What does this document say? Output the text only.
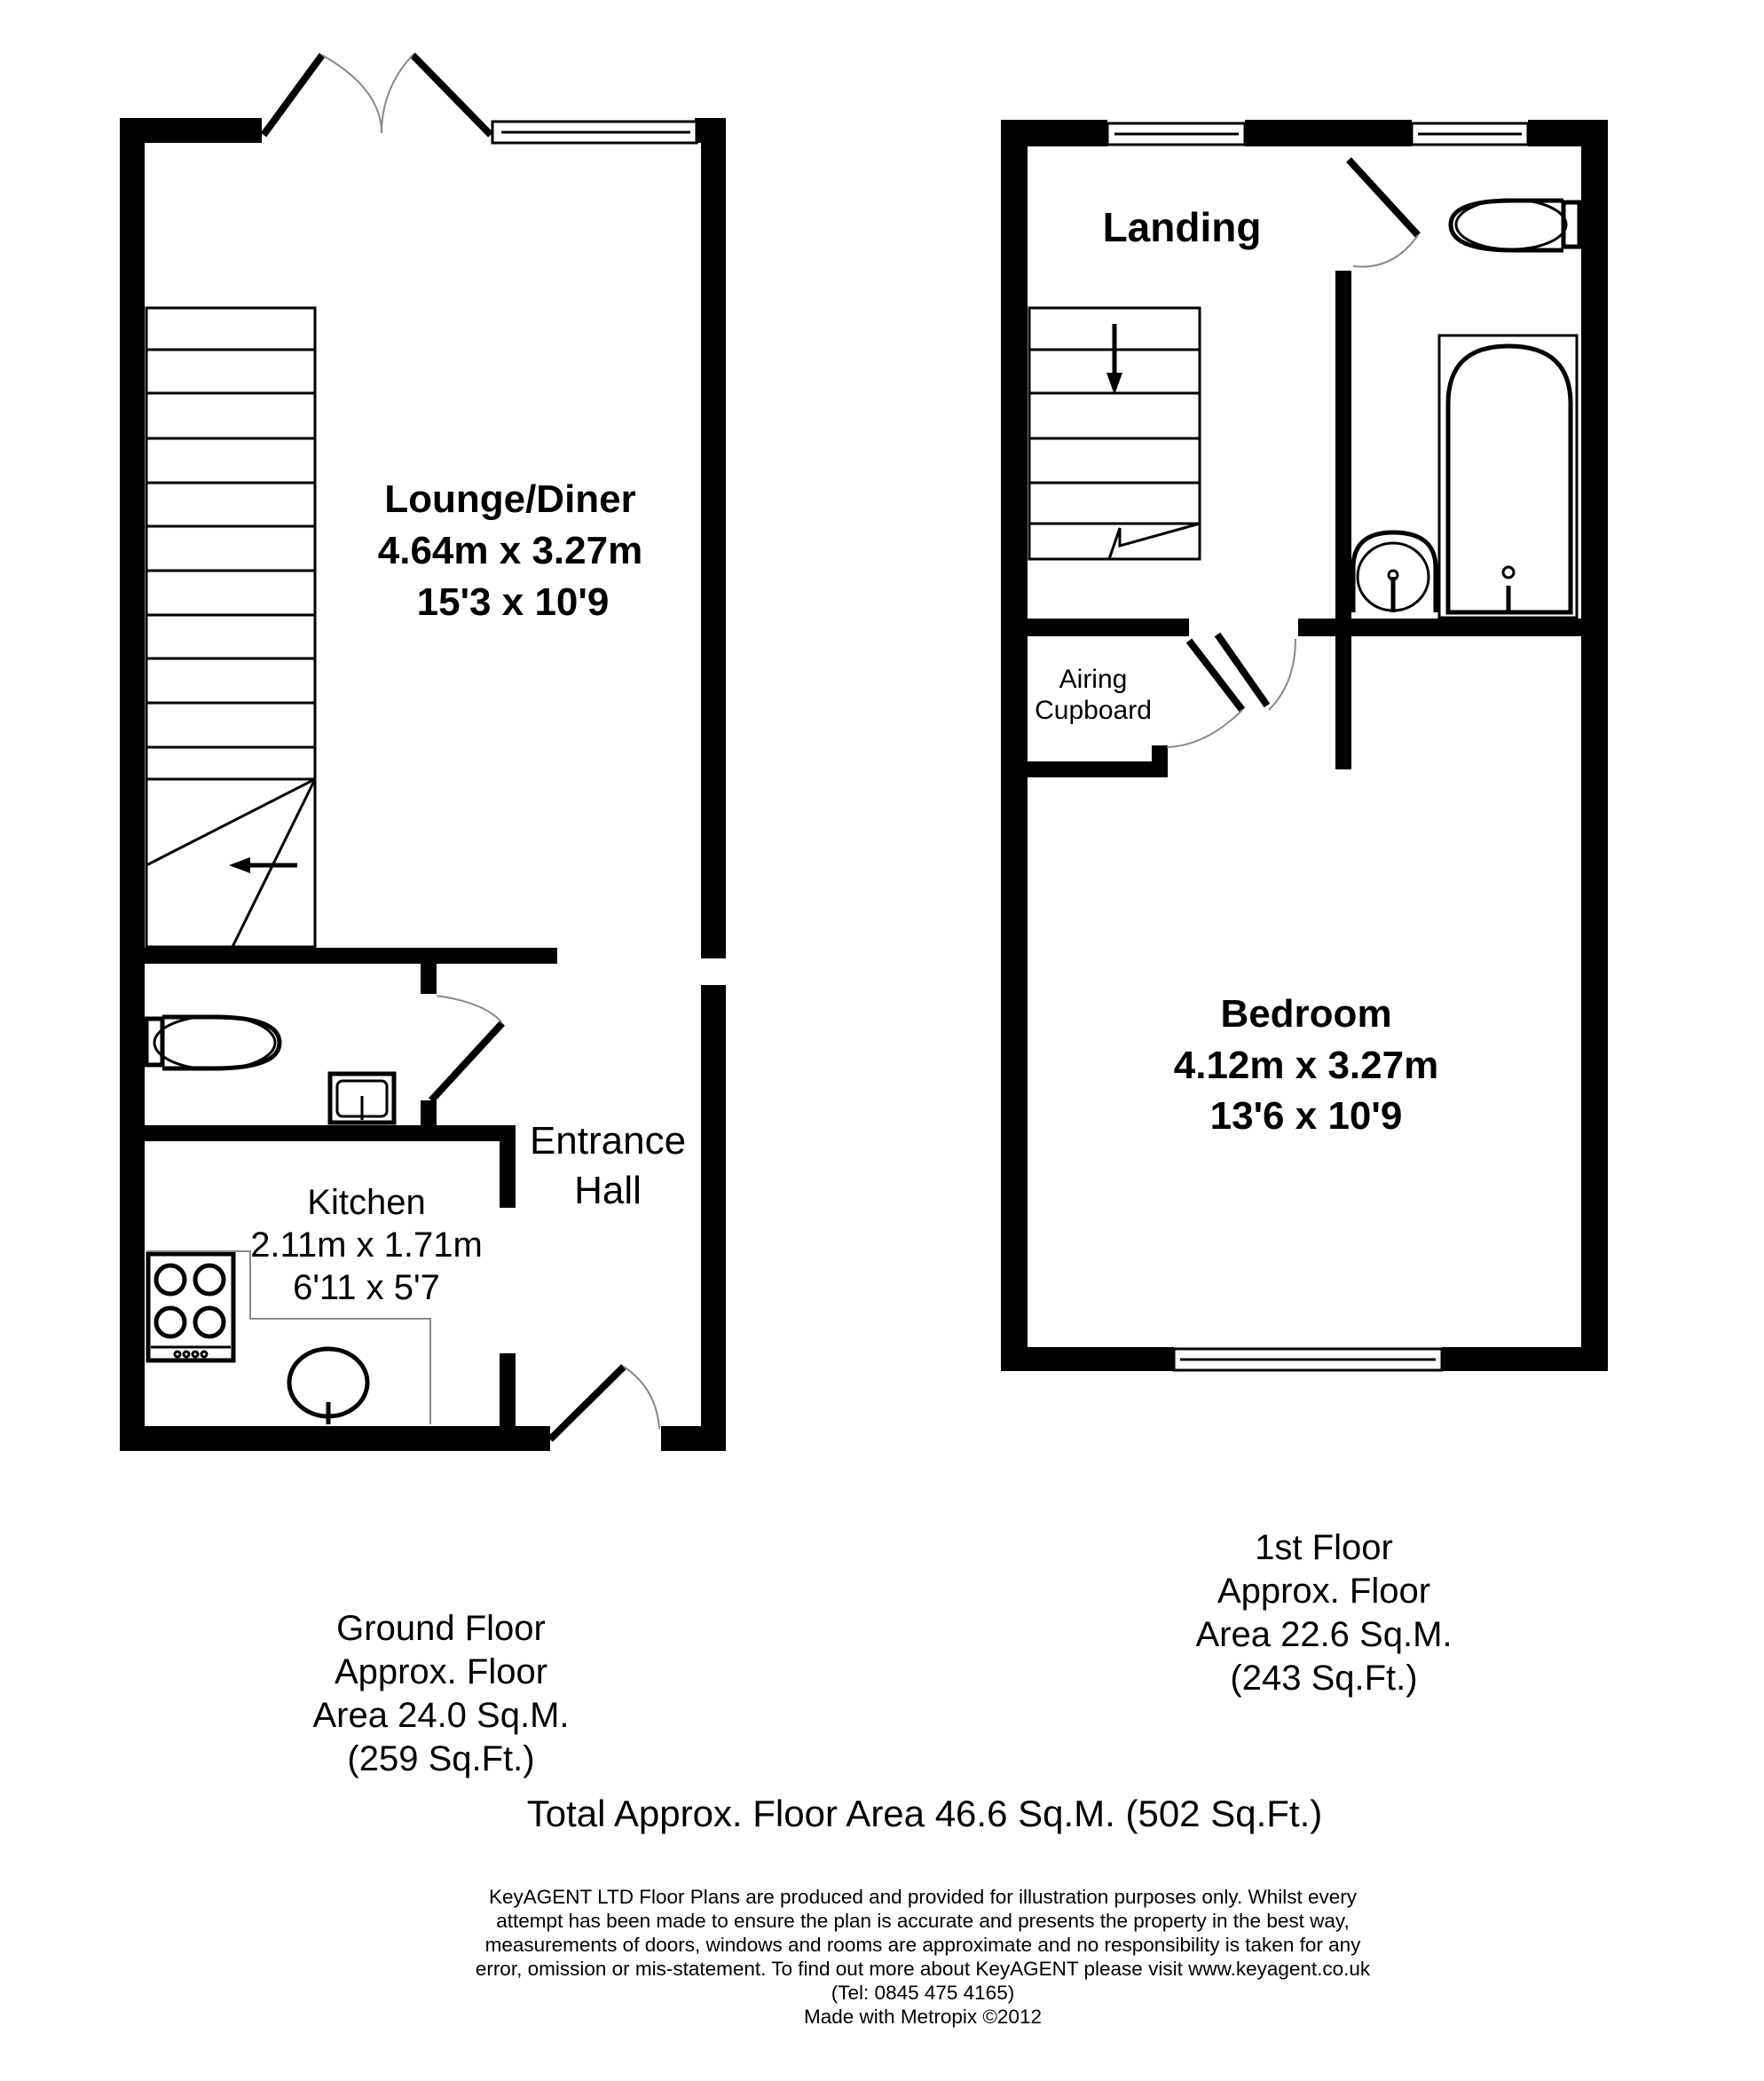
Lounge/Diner
4.64m x 3.27m
15'3 x 10'9
Entrance
Hall
Kitchen
2.11m x 1.71m
6'11 x 5'7
Landing
Airing
Cupboard
Bedroom
4.12m x 3.27m
13'6 x 10'9
1st Floor
Approx. Floor
Area 22.6 Sq.M.
(243 Sq.Ft.)
Ground Floor
Approx. Floor
Area 24.0 Sq.M.
(259 Sq.Ft.)
Total Approx. Floor Area 46.6 Sq.M. (502 Sq.Ft.)
KeyAGENT LTD Floor Plans are produced and provided for illustration purposes only. Whilst every
attempt has been made to ensure the plan is accurate and presents the property in the best way,
measurements of doors, windows and rooms are approximate and no responsibility is taken for any
error, omission or mis-statement. To find out more about KeyAGENT please visit www.keyagent.co.uk
(Tel: 0845 475 4165)
Made with Metropix ©2012
